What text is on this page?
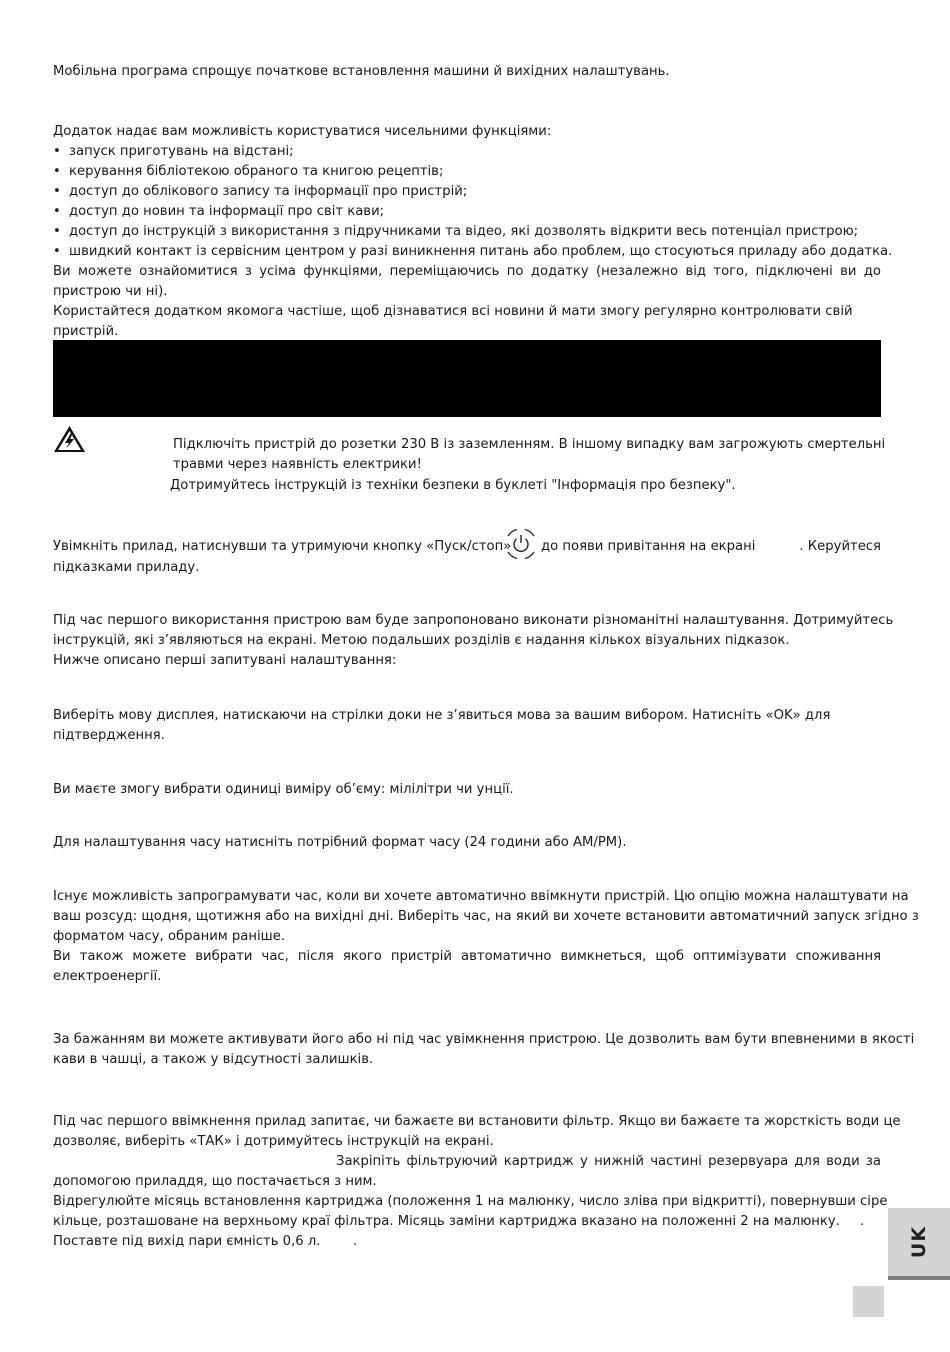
Мобільна програма спрощує початкове встановлення машини й вихідних налаштувань.

Додаток надає вам можливість користуватися чисельними функціями:
• запуск приготувань на відстані;
• керування бібліотекою обраного та книгою рецептів;
• доступ до облікового запису та інформації про пристрій;
• доступ до новин та інформації про світ кави;
• доступ до інструкцій з використання з підручниками та відео, які дозволять відкрити весь потенціал пристрою;
• швидкий контакт із сервісним центром у разі виникнення питань або проблем, що стосуються приладу або додатка.
Ви можете ознайомитися з усіма функціями, переміщаючись по додатку (незалежно від того, підключені ви до пристрою чи ні).
Користайтеся додатком якомога частіше, щоб дізнаватися всі новини й мати змогу регулярно контролювати свій пристрій.
Підключіть пристрій до розетки 230 В із заземленням. В іншому випадку вам загрожують смертельні
травми через наявність електрики!
Дотримуйтесь інструкцій із техніки безпеки в буклеті "Інформація про безпеку".
Увімкніть прилад, натиснувши та утримуючи кнопку «Пуск/стоп» до появи привітання на екрані	. Керуйтеся
підказками приладу.
Під час першого використання пристрою вам буде запропоновано виконати різноманітні налаштування. Дотримуйтесь
інструкцій, які з’являються на екрані. Метою подальших розділів є надання кількох візуальних підказок.
Нижче описано перші запитувані налаштування:
Виберіть мову дисплея, натискаючи на стрілки доки не з’явиться мова за вашим вибором. Натисніть «OK» для
підтвердження.
Ви маєте змогу вибрати одиниці виміру об’єму: мілілітри чи унції.
Для налаштування часу натисніть потрібний формат часу (24 години або AM/PM).
Існує можливість запрограмувати час, коли ви хочете автоматично ввімкнути пристрій. Цю опцію можна налаштувати на
ваш розсуд: щодня, щотижня або на вихідні дні. Виберіть час, на який ви хочете встановити автоматичний запуск згідно з
форматом часу, обраним раніше.
Ви також можете вибрати час, після якого пристрій автоматично вимкнеться, щоб оптимізувати споживання
електроенергії.
За бажанням ви можете активувати його або ні під час увімкнення пристрою. Це дозволить вам бути впевненими в якості
кави в чашці, а також у відсутності залишків.
Під час першого ввімкнення прилад запитає, чи бажаєте ви встановити фільтр. Якщо ви бажаєте та жорсткість води це
дозволяє, виберіть «ТАК» і дотримуйтесь інструкцій на екрані.
Закріпіть фільтруючий картридж у нижній частині резервуара для води за
допомогою приладдя, що постачається з ним.
Відрегулюйте місяць встановлення картриджа (положення 1 на малюнку, число зліва при відкритті), повернувши сіре
кільце, розташоване на верхньому краї фільтра. Місяць заміни картриджа вказано на положенні 2 на малюнку.	.
Поставте під вихід пари ємність 0,6 л. .	UK
